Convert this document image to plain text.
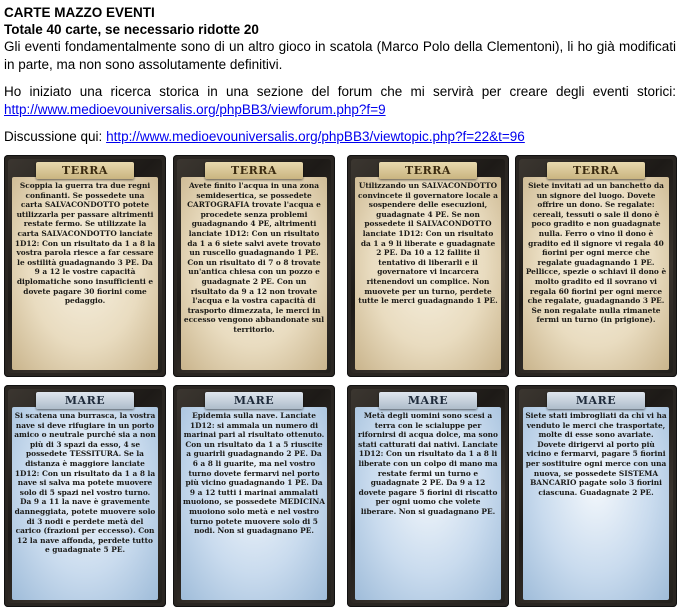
CARTE MAZZO EVENTI
Totale 40 carte, se necessario ridotte 20
Gli eventi fondamentalmente sono di un altro gioco in scatola (Marco Polo della Clementoni), li ho già modificati in parte, ma non sono assolutamente definitivi.
Ho iniziato una ricerca storica in una sezione del forum che mi servirà per creare degli eventi storici: http://www.medioevouniversalis.org/phpBB3/viewforum.php?f=9
Discussione qui: http://www.medioevouniversalis.org/phpBB3/viewtopic.php?f=22&t=96
TERRA
Scoppia la guerra tra due regni confinanti. Se possedete una carta SALVACONDOTTO potete utilizzarla per passare altrimenti restate fermo. Se utilizzate la carta SALVACONDOTTO lanciate 1D12: Con un risultato da 1 a 8 la vostra parola riesce a far cessare le ostilità guadagnando 3 PE. Da 9 a 12 le vostre capacità diplomatiche sono insufficienti e dovete pagare 30 fiorini come pedaggio.
TERRA
Avete finito l'acqua in una zona semidesertica, se possedete CARTOGRAFIA trovate l'acqua e procedete senza problemi guadagnando 4 PE, altrimenti lanciate 1D12: Con un risultato da 1 a 6 siete salvi avete trovato un ruscello guadagnando 1 PE. Con un risultato di 7 o 8 trovate un'antica chiesa con un pozzo e guadagnate 2 PE. Con un risultato da 9 a 12 non trovate l'acqua e la vostra capacità di trasporto dimezzata, le merci in eccesso vengono abbandonate sul territorio.
TERRA
Utilizzando un SALVACONDOTTO convincete il governatore locale a sospendere delle esecuzioni, guadagnate 4 PE. Se non possedete il SALVACONDOTTO lanciate 1D12: Con un risultato da 1 a 9 li liberate e guadagnate 2 PE. Da 10 a 12 fallite il tentativo di liberarli e il governatore vi incarcera ritenendovi un complice. Non muovete per un turno, perdete tutte le merci guadagnando 1 PE.
TERRA
Siete invitati ad un banchetto da un signore del luogo. Dovete offrire un dono. Se regalate: cereali, tessuti o sale il dono è poco gradito e non guadagnate nulla. Ferro o vino il dono è gradito ed il signore vi regala 40 fiorini per ogni merce che regalate guadagnando 1 PE. Pellicce, spezie o schiavi il dono è molto gradito ed il sovrano vi regala 60 fiorini per ogni merce che regalate, guadagnando 3 PE. Se non regalate nulla rimanete fermi un turno (in prigione).
MARE
Si scatena una burrasca, la vostra nave si deve rifugiare in un porto amico o neutrale purché sia a non più di 3 spazi da esso, 4 se possedete TESSITURA. Se la distanza è maggiore lanciate 1D12: Con un risultato da 1 a 8 la nave si salva ma potete muovere solo di 5 spazi nel vostro turno. Da 9 a 11 la nave è gravemente danneggiata, potete muovere solo di 3 nodi e perdete metà del carico (frazioni per eccesso). Con 12 la nave affonda, perdete tutto e guadagnate 5 PE.
MARE
Epidemia sulla nave. Lanciate 1D12: si ammala un numero di marinai pari al risultato ottenuto. Con un risultato da 1 a 5 riuscite a guarirli guadagnando 2 PE. Da 6 a 8 li guarite, ma nel vostro turno dovete fermarvi nel porto più vicino guadagnando 1 PE. Da 9 a 12 tutti i marinai ammalati muoiono, se possedete MEDICINA muoiono solo metà e nel vostro turno potete muovere solo di 5 nodi. Non si guadagnano PE.
MARE
Metà degli uomini sono scesi a terra con le scialuppe per rifornirsi di acqua dolce, ma sono stati catturati dai nativi. Lanciate 1D12: Con un risultato da 1 a 8 li liberate con un colpo di mano ma restate fermi un turno e guadagnate 2 PE. Da 9 a 12 dovete pagare 5 fiorini di riscatto per ogni uomo che volete liberare. Non si guadagnano PE.
MARE
Siete stati imbrogliati da chi vi ha venduto le merci che trasportate, molte di esse sono avariate. Dovete dirigervi al porto più vicino e fermarvi, pagare 5 fiorini per sostituire ogni merce con una nuova, se possedete SISTEMA BANCARIO pagate solo 3 fiorini ciascuna. Guadagnate 2 PE.
